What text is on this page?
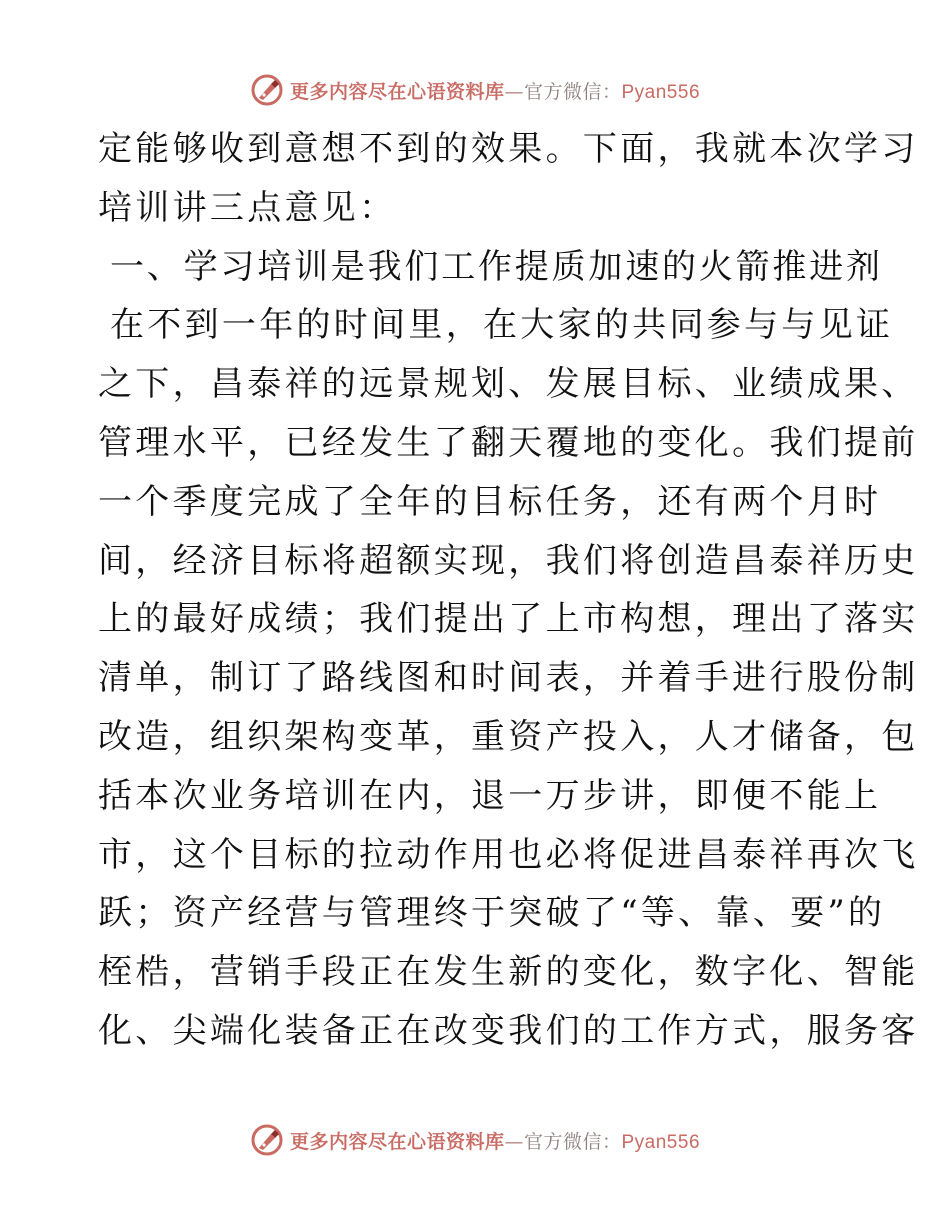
更多内容尽在心语资料库—官方微信：Pyan556
定能够收到意想不到的效果。下面，我就本次学习
培训讲三点意见：
一、学习培训是我们工作提质加速的火箭推进剂
在不到一年的时间里，在大家的共同参与与见证
之下，昌泰祥的远景规划、发展目标、业绩成果、
管理水平，已经发生了翻天覆地的变化。我们提前
一个季度完成了全年的目标任务，还有两个月时
间，经济目标将超额实现，我们将创造昌泰祥历史
上的最好成绩；我们提出了上市构想，理出了落实
清单，制订了路线图和时间表，并着手进行股份制
改造，组织架构变革，重资产投入，人才储备，包
括本次业务培训在内，退一万步讲，即便不能上
市，这个目标的拉动作用也必将促进昌泰祥再次飞
跃；资产经营与管理终于突破了“等、靠、要”的
桎梏，营销手段正在发生新的变化，数字化、智能
化、尖端化装备正在改变我们的工作方式，服务客
更多内容尽在心语资料库—官方微信：Pyan556
